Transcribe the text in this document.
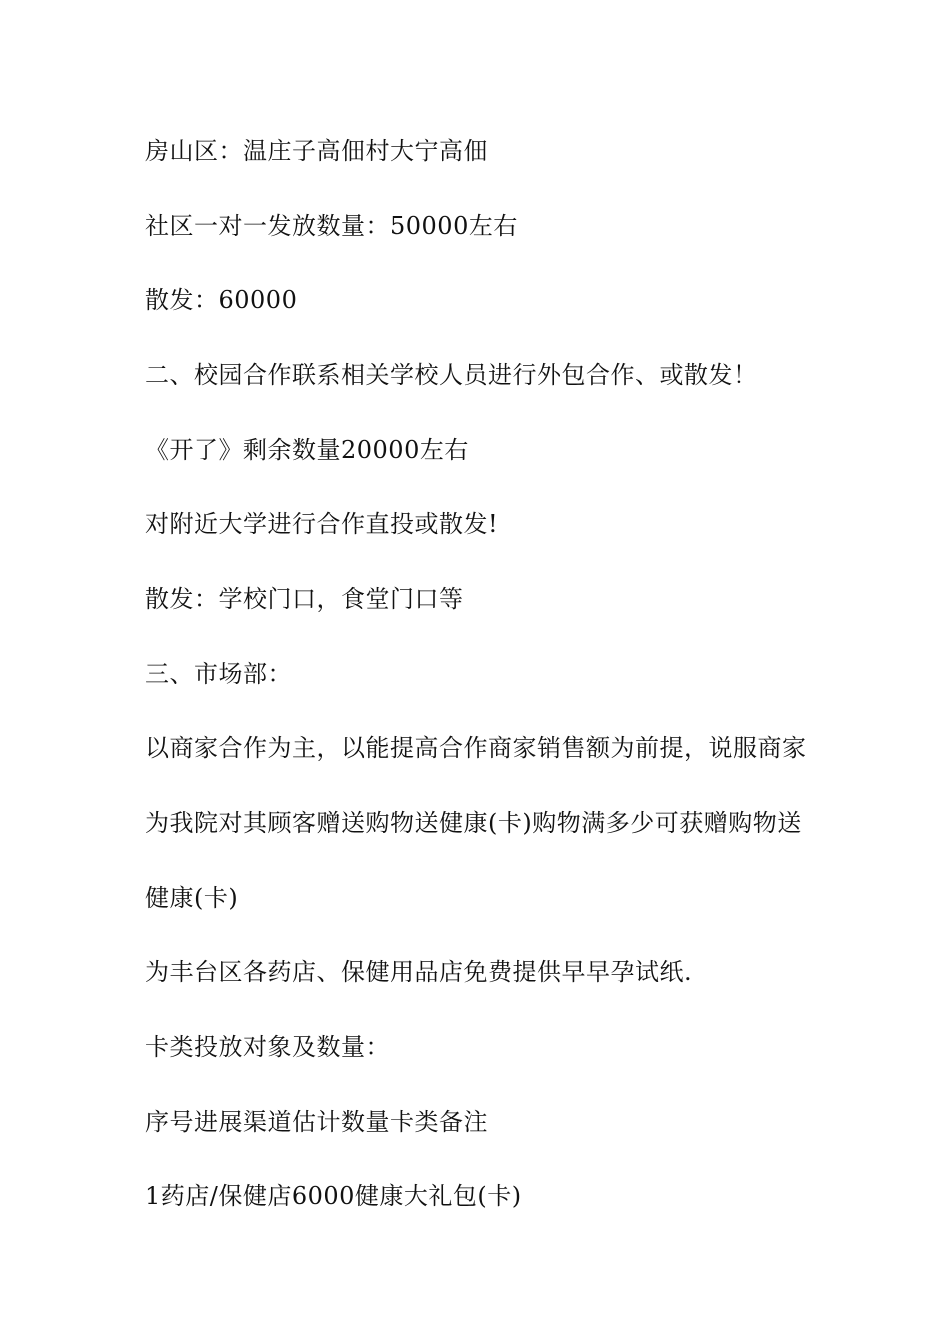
房山区：温庄子高佃村大宁高佃

社区一对一发放数量：50000左右

散发：60000

二、校园合作联系相关学校人员进行外包合作、或散发！

《开了》剩余数量20000左右

对附近大学进行合作直投或散发!

散发：学校门口，食堂门口等

三、市场部：

以商家合作为主，以能提高合作商家销售额为前提，说服商家

为我院对其顾客赠送购物送健康(卡)购物满多少可获赠购物送

健康(卡)

为丰台区各药店、保健用品店免费提供早早孕试纸.

卡类投放对象及数量：

序号进展渠道估计数量卡类备注

1药店/保健店6000健康大礼包(卡)
